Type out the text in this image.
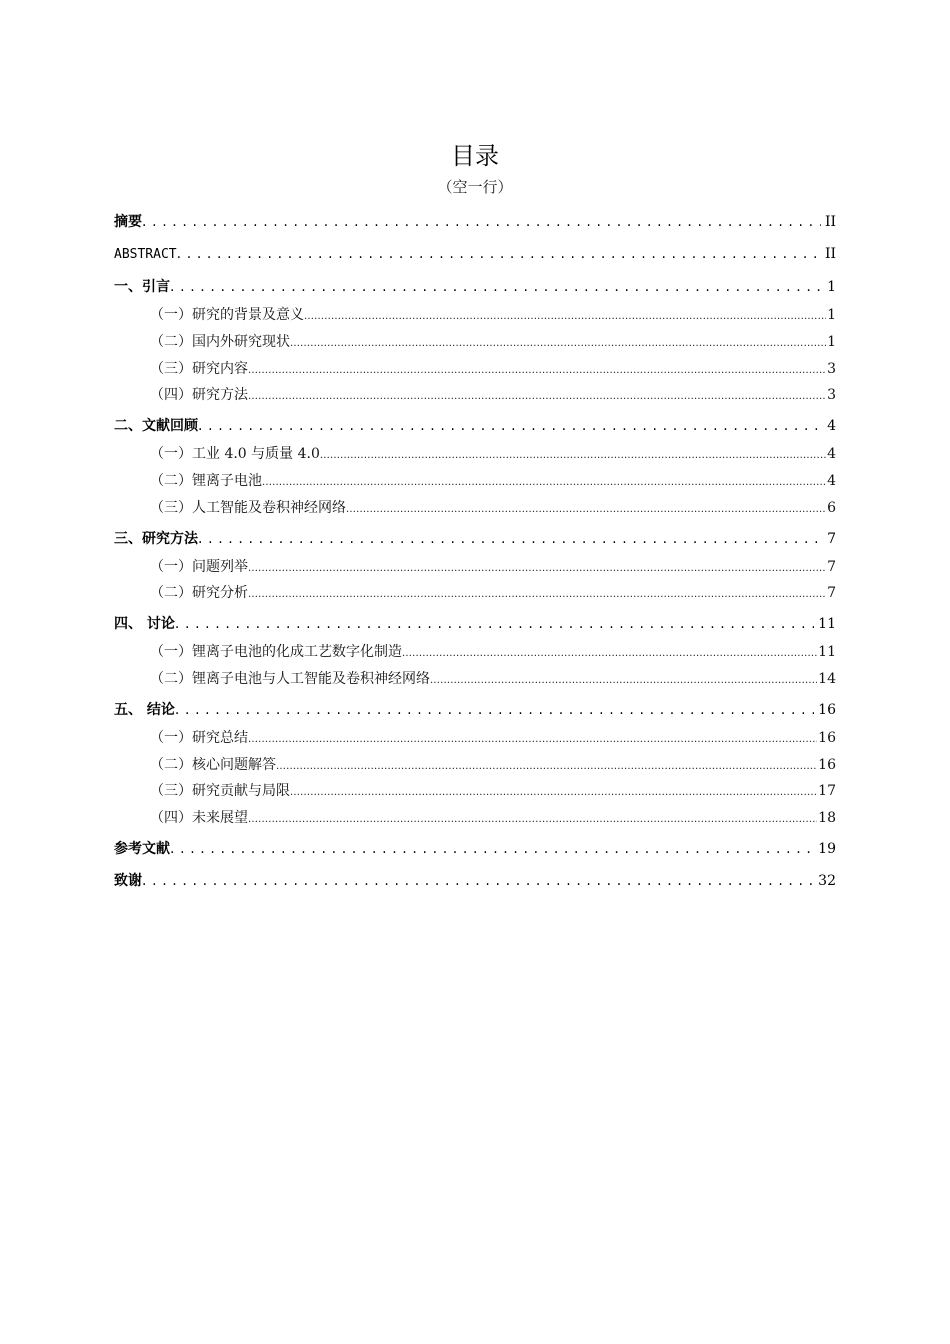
目录
（空一行）
摘要 . . .	II
ABSTRACT . . .	II
一、引言 . . .	1
（一）研究的背景及意义 .....	1
（二）国内外研究现状 .....	1
（三）研究内容 .....	3
（四）研究方法 .....	3
二、文献回顾 . . .	4
（一）工业 4.0 与质量 4.0 .....	4
（二）锂离子电池 .....	4
（三）人工智能及卷积神经网络 .....	6
三、研究方法 . . .	7
（一）问题列举 .....	7
（二）研究分析 .....	7
四、 讨论 . . .	11
（一）锂离子电池的化成工艺数字化制造 .....	11
（二）锂离子电池与人工智能及卷积神经网络 .....	14
五、 结论 . . .	16
（一）研究总结 .....	16
（二）核心问题解答 .....	16
（三）研究贡献与局限 .....	17
（四）未来展望 .....	18
参考文献 . . .	19
致谢 . . .	32
